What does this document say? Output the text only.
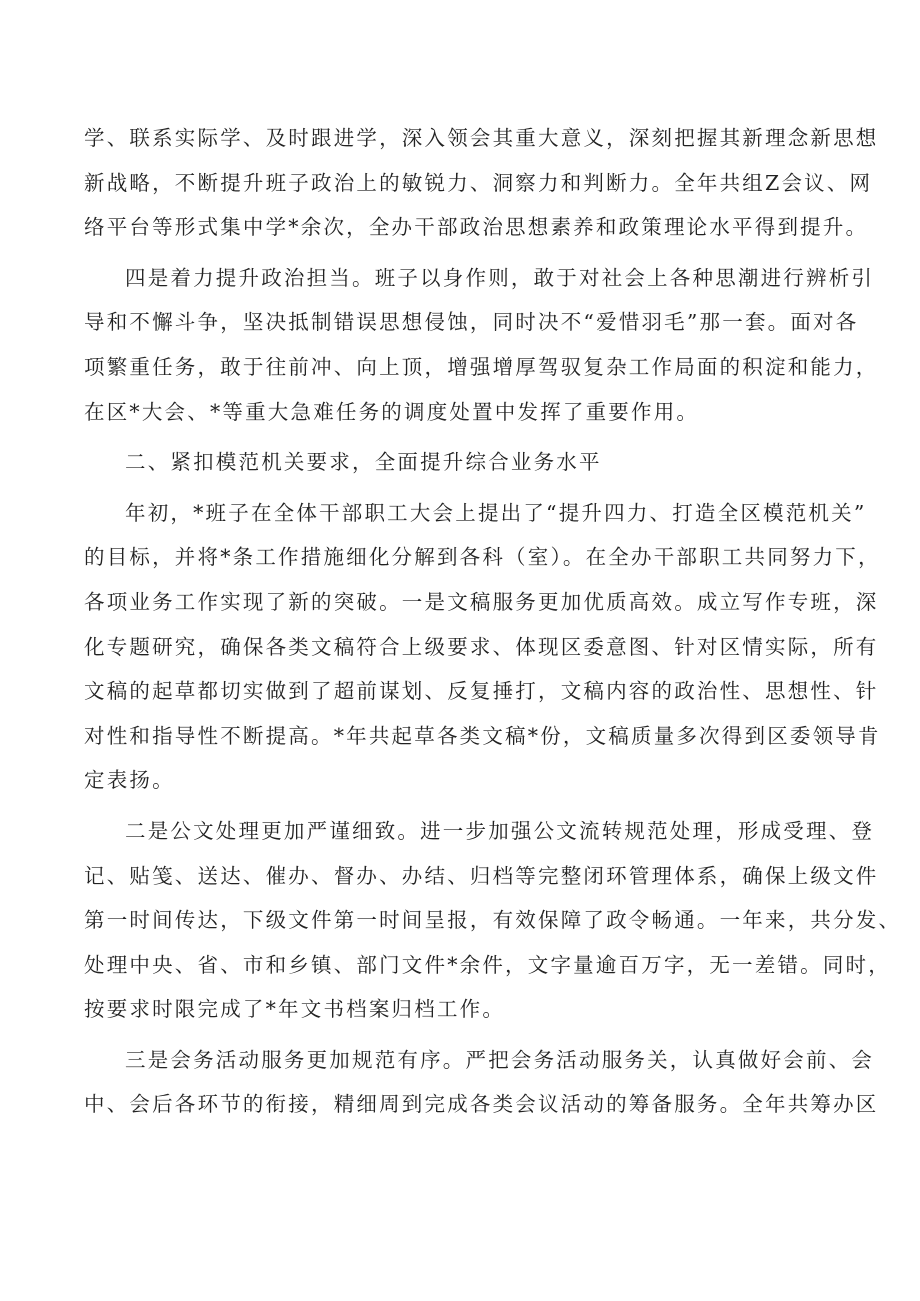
学、联系实际学、及时跟进学，深入领会其重大意义，深刻把握其新理念新思想
新战略，不断提升班子政治上的敏锐力、洞察力和判断力。全年共组Z会议、网
络平台等形式集中学*余次，全办干部政治思想素养和政策理论水平得到提升。
四是着力提升政治担当。班子以身作则，敢于对社会上各种思潮进行辨析引
导和不懈斗争，坚决抵制错误思想侵蚀，同时决不“爱惜羽毛”那一套。面对各
项繁重任务，敢于往前冲、向上顶，增强增厚驾驭复杂工作局面的积淀和能力，
在区*大会、*等重大急难任务的调度处置中发挥了重要作用。
二、紧扣模范机关要求，全面提升综合业务水平
年初，*班子在全体干部职工大会上提出了“提升四力、打造全区模范机关”
的目标，并将*条工作措施细化分解到各科（室）。在全办干部职工共同努力下，
各项业务工作实现了新的突破。一是文稿服务更加优质高效。成立写作专班，深
化专题研究，确保各类文稿符合上级要求、体现区委意图、针对区情实际，所有
文稿的起草都切实做到了超前谋划、反复捶打，文稿内容的政治性、思想性、针
对性和指导性不断提高。*年共起草各类文稿*份，文稿质量多次得到区委领导肯
定表扬。
二是公文处理更加严谨细致。进一步加强公文流转规范处理，形成受理、登
记、贴笺、送达、催办、督办、办结、归档等完整闭环管理体系，确保上级文件
第一时间传达，下级文件第一时间呈报，有效保障了政令畅通。一年来，共分发、
处理中央、省、市和乡镇、部门文件*余件，文字量逾百万字，无一差错。同时，
按要求时限完成了*年文书档案归档工作。
三是会务活动服务更加规范有序。严把会务活动服务关，认真做好会前、会
中、会后各环节的衔接，精细周到完成各类会议活动的筹备服务。全年共筹办区
